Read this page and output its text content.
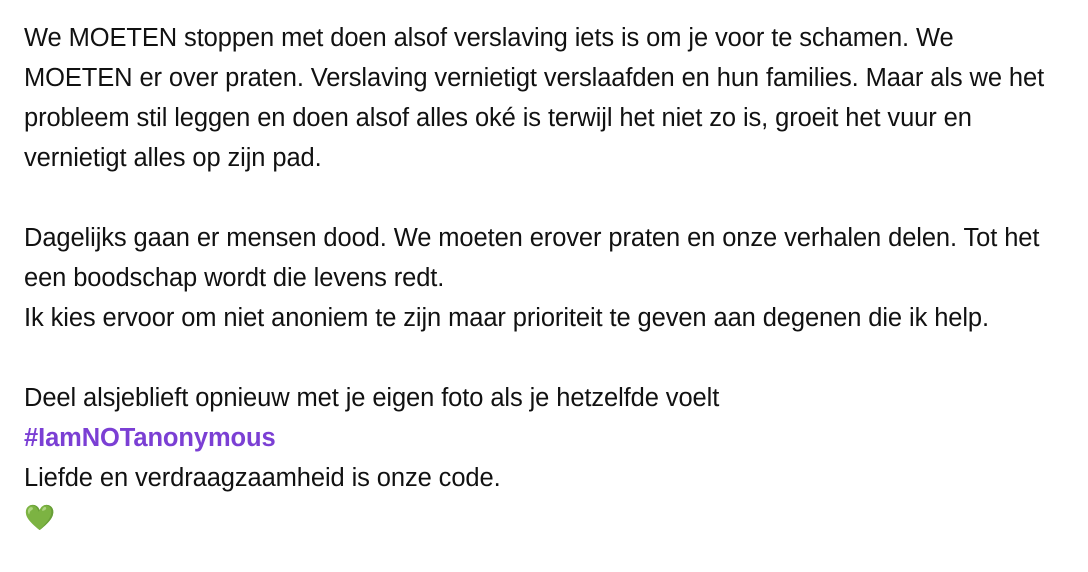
We MOETEN stoppen met doen alsof verslaving iets is om je voor te schamen. We MOETEN er over praten. Verslaving vernietigt verslaafden en hun families. Maar als we het probleem stil leggen en doen alsof alles oké is terwijl het niet zo is, groeit het vuur en vernietigt alles op zijn pad.

Dagelijks gaan er mensen dood. We moeten erover praten en onze verhalen delen. Tot het een boodschap wordt die levens redt.

Ik kies ervoor om niet anoniem te zijn maar prioriteit te geven aan degenen die ik help.

Deel alsjeblieft opnieuw met je eigen foto als je hetzelfde voelt

#IamNOTanonymous

Liefde en verdraagzaamheid is onze code.

💚
